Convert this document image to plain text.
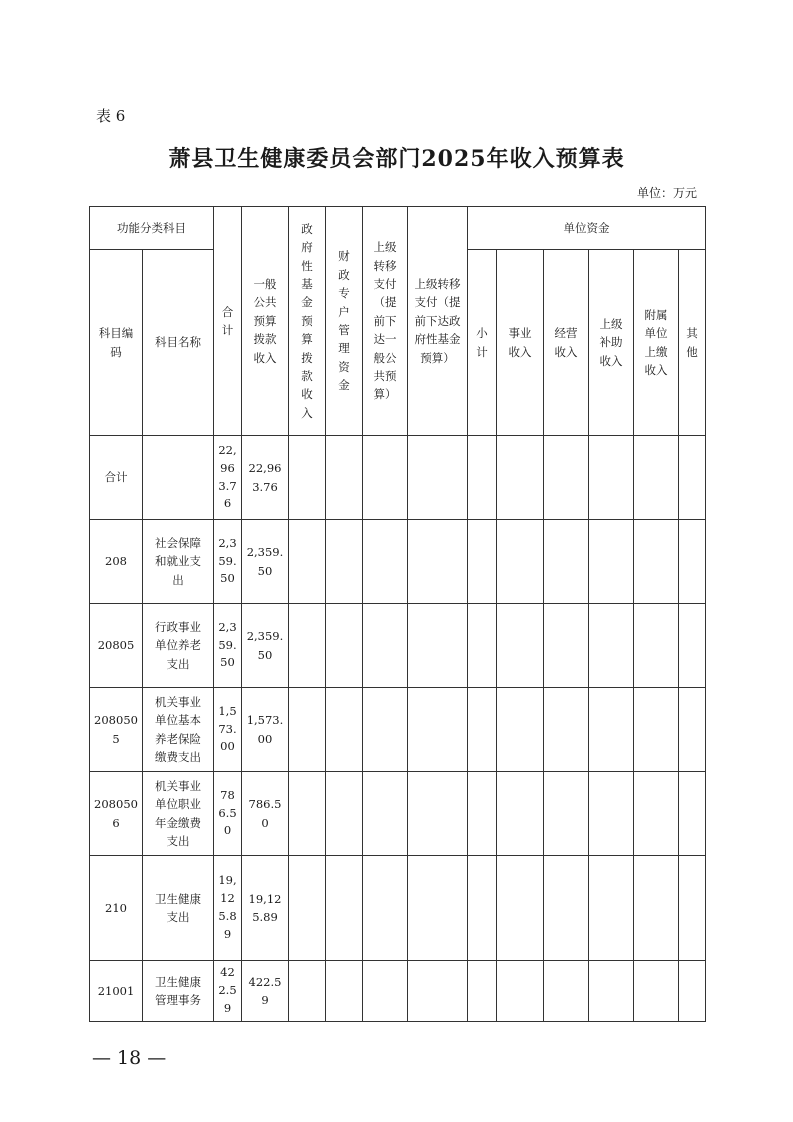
表 6
萧县卫生健康委员会部门2025年收入预算表
单位：万元
功能分类科目		合计	一般公共预算拨款收入	政府性基金预算拨款收入	财政专户管理资金	上级转移支付（提前下达一般公共预算）	上级转移支付（提前下达政府性基金预算）	单位资金					

科目编码	科目名称							小计	事业收入	经营收入	上级补助收入	附属单位上缴收入	其他

合计		22,963.76	22,963.76										

208	社会保障和就业支出	2,359.50	2,359.50										

20805	行政事业单位养老支出	2,359.50	2,359.50										

2080505	机关事业单位基本养老保险缴费支出	1,573.00	1,573.00										

2080506	机关事业单位职业年金缴费支出	786.50	786.50										

210	卫生健康支出	19,125.89	19,125.89										

21001	卫生健康管理事务	422.59	422.59										

— 18 —
